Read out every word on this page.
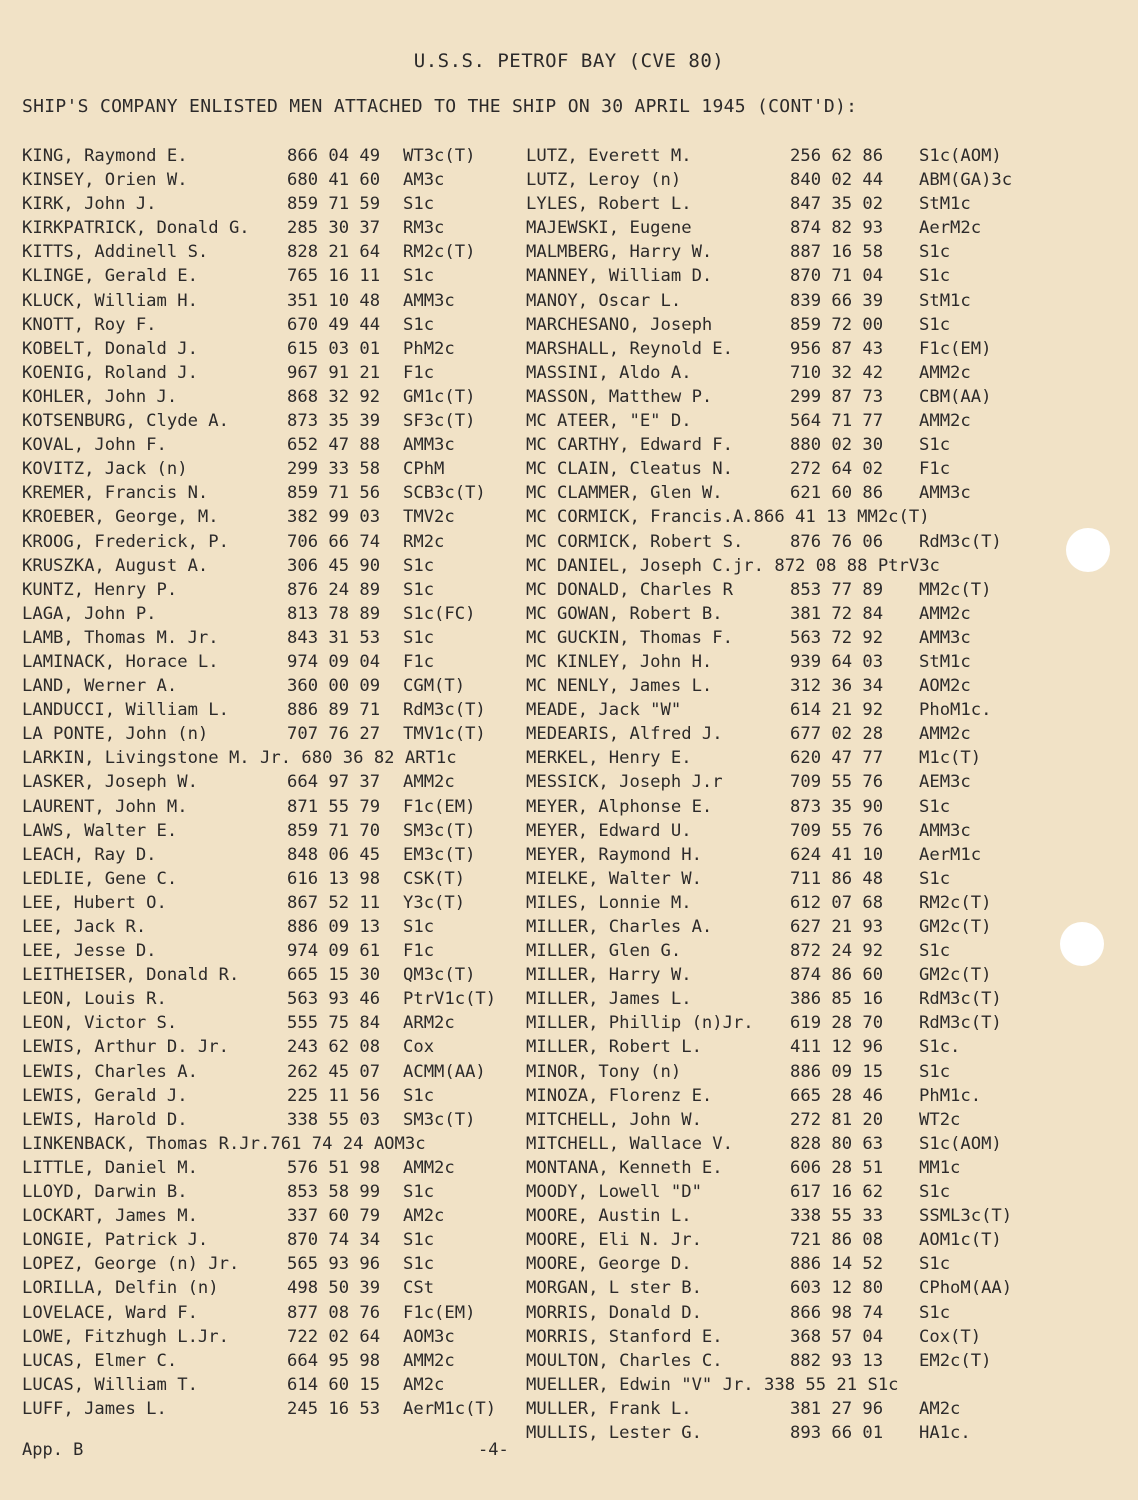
U.S.S. PETROF BAY (CVE 80)
SHIP'S COMPANY ENLISTED MEN ATTACHED TO THE SHIP ON 30 APRIL 1945 (CONT'D):
KING, Raymond E.	866 04 49 WT3c(T)
KINSEY, Orien W.	680 41 60 AM3c
KIRK, John J.	859 71 59 S1c
KIRKPATRICK, Donald G. 285 30 37 RM3c
KITTS, Addinell S.	828 21 64 RM2c(T)
KLINGE, Gerald E.	765 16 11 S1c
KLUCK, William H.	351 10 48 AMM3c
KNOTT, Roy F.	670 49 44 S1c
KOBELT, Donald J.	615 03 01 PhM2c
KOENIG, Roland J.	967 91 21 F1c
KOHLER, John J.	868 32 92 GM1c(T)
KOTSENBURG, Clyde A.	873 35 39 SF3c(T)
KOVAL, John F.	652 47 88 AMM3c
KOVITZ, Jack (n)	299 33 58 CPhM
KREMER, Francis N.	859 71 56 SCB3c(T)
KROEBER, George, M.	382 99 03 TMV2c
KROOG, Frederick, P.	706 66 74 RM2c
KRUSZKA, August A.	306 45 90 S1c
KUNTZ, Henry P.	876 24 89 S1c
LAGA, John P.	813 78 89 S1c(FC)
LAMB, Thomas M. Jr.	843 31 53 S1c
LAMINACK, Horace L.	974 09 04 F1c
LAND, Werner A.	360 00 09 CGM(T)
LANDUCCI, William L.	886 89 71 RdM3c(T)
LA PONTE, John (n)	707 76 27 TMV1c(T)
LARKIN, Livingstone M. Jr. 680 36 82 ART1c
LASKER, Joseph W.	664 97 37 AMM2c
LAURENT, John M.	871 55 79 F1c(EM)
LAWS, Walter E.	859 71 70 SM3c(T)
LEACH, Ray D.	848 06 45 EM3c(T)
LEDLIE, Gene C.	616 13 98 CSK(T)
LEE, Hubert O.	867 52 11 Y3c(T)
LEE, Jack R.	886 09 13 S1c
LEE, Jesse D.	974 09 61 F1c
LEITHEISER, Donald R.	665 15 30 QM3c(T)
LEON, Louis R.	563 93 46 PtrV1c(T)
LEON, Victor S.	555 75 84 ARM2c
LEWIS, Arthur D. Jr.	243 62 08 Cox
LEWIS, Charles A.	262 45 07 ACMM(AA)
LEWIS, Gerald J.	225 11 56 S1c
LEWIS, Harold D.	338 55 03 SM3c(T)
LINKENBACK, Thomas R.Jr.761 74 24 AOM3c
LITTLE, Daniel M.	576 51 98 AMM2c
LLOYD, Darwin B.	853 58 99 S1c
LOCKART, James M.	337 60 79 AM2c
LONGIE, Patrick J.	870 74 34 S1c
LOPEZ, George (n) Jr.	565 93 96 S1c
LORILLA, Delfin (n)	498 50 39 CSt
LOVELACE, Ward F.	877 08 76 F1c(EM)
LOWE, Fitzhugh L.Jr.	722 02 64 AOM3c
LUCAS, Elmer C.	664 95 98 AMM2c
LUCAS, William T.	614 60 15 AM2c
LUFF, James L.	245 16 53 AerM1c(T)
LUTZ, Everett M.	256 62 86 S1c(AOM)
LUTZ, Leroy (n)	840 02 44 ABM(GA)3c
LYLES, Robert L.	847 35 02 StM1c
MAJEWSKI, Eugene	874 82 93 AerM2c
MALMBERG, Harry W.	887 16 58 S1c
MANNEY, William D.	870 71 04 S1c
MANOY, Oscar L.	839 66 39 StM1c
MARCHESANO, Joseph	859 72 00 S1c
MARSHALL, Reynold E.	956 87 43 F1c(EM)
MASSINI, Aldo A.	710 32 42 AMM2c
MASSON, Matthew P.	299 87 73 CBM(AA)
MC ATEER, "E" D.	564 71 77 AMM2c
MC CARTHY, Edward F.	880 02 30 S1c
MC CLAIN, Cleatus N.	272 64 02 F1c
MC CLAMMER, Glen W.	621 60 86 AMM3c
MC CORMICK, Francis.A.866 41 13 MM2c(T)
MC CORMICK, Robert S.	876 76 06 RdM3c(T)
MC DANIEL, Joseph C.jr. 872 08 88 PtrV3c
MC DONALD, Charles R	853 77 89 MM2c(T)
MC GOWAN, Robert B.	381 72 84 AMM2c
MC GUCKIN, Thomas F.	563 72 92 AMM3c
MC KINLEY, John H.	939 64 03 StM1c
MC NENLY, James L.	312 36 34 AOM2c
MEADE, Jack "W"	614 21 92 PhoM1c.
MEDEARIS, Alfred J.	677 02 28 AMM2c
MERKEL, Henry E.	620 47 77 M1c(T)
MESSICK, Joseph J.r	709 55 76 AEM3c
MEYER, Alphonse E.	873 35 90 S1c
MEYER, Edward U.	709 55 76 AMM3c
MEYER, Raymond H.	624 41 10 AerM1c
MIELKE, Walter W.	711 86 48 S1c
MILES, Lonnie M.	612 07 68 RM2c(T)
MILLER, Charles A.	627 21 93 GM2c(T)
MILLER, Glen G.	872 24 92 S1c
MILLER, Harry W.	874 86 60 GM2c(T)
MILLER, James L.	386 85 16 RdM3c(T)
MILLER, Phillip (n)Jr. 619 28 70 RdM3c(T)
MILLER, Robert L.	411 12 96 S1c.
MINOR, Tony (n)	886 09 15 S1c
MINOZA, Florenz E.	665 28 46 PhM1c.
MITCHELL, John W.	272 81 20 WT2c
MITCHELL, Wallace V.	828 80 63 S1c(AOM)
MONTANA, Kenneth E.	606 28 51 MM1c
MOODY, Lowell "D"	617 16 62 S1c
MOORE, Austin L.	338 55 33 SSML3c(T)
MOORE, Eli N. Jr.	721 86 08 AOM1c(T)
MOORE, George D.	886 14 52 S1c
MORGAN, L ster B.	603 12 80 CPhoM(AA)
MORRIS, Donald D.	866 98 74 S1c
MORRIS, Stanford E.	368 57 04 Cox(T)
MOULTON, Charles C.	882 93 13 EM2c(T)
MUELLER, Edwin "V" Jr. 338 55 21 S1c
MULLER, Frank L.	381 27 96 AM2c
MULLIS, Lester G.	893 66 01 HA1c.
App. B	-4-
